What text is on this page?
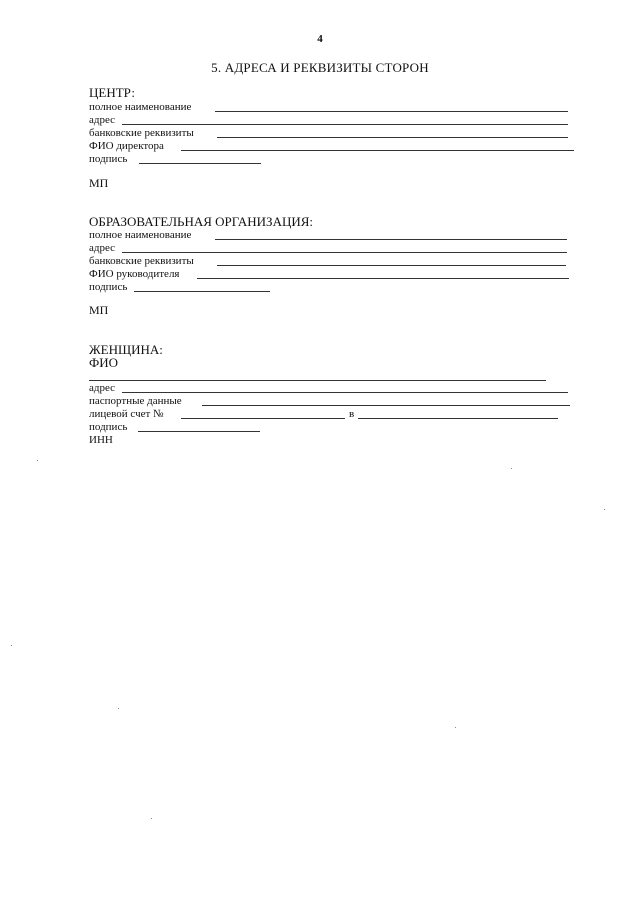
4
5. АДРЕСА И РЕКВИЗИТЫ СТОРОН
ЦЕНТР:
полное наименование
адрес
банковские реквизиты
ФИО директора
подпись
МП
ОБРАЗОВАТЕЛЬНАЯ ОРГАНИЗАЦИЯ:
полное наименование
адрес
банковские реквизиты
ФИО руководителя
подпись
МП
ЖЕНЩИНА:
ФИО
адрес
паспортные данные
лицевой счет №	в
подпись
ИНН
